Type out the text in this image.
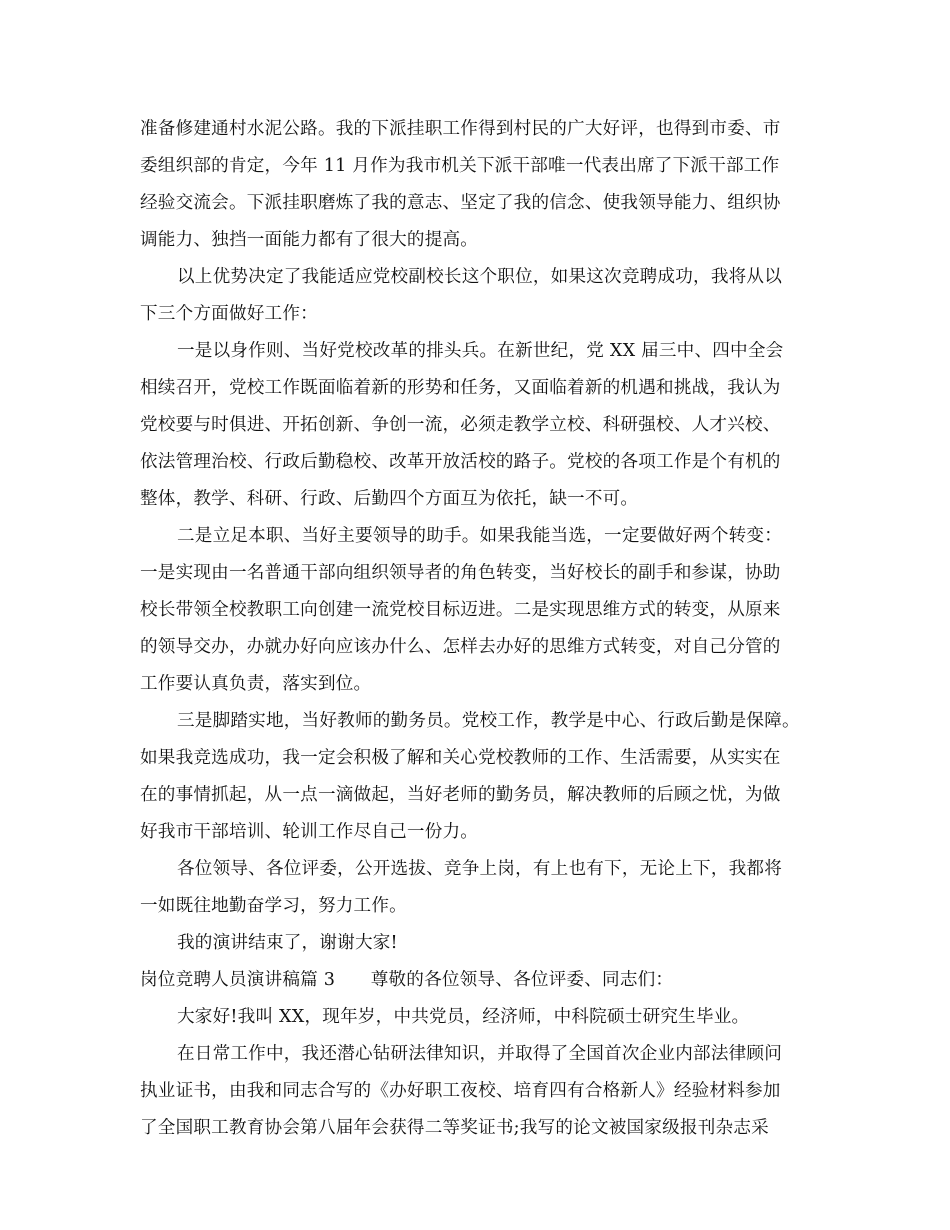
准备修建通村水泥公路。我的下派挂职工作得到村民的广大好评，也得到市委、市
委组织部的肯定，今年 11 月作为我市机关下派干部唯一代表出席了下派干部工作
经验交流会。下派挂职磨炼了我的意志、坚定了我的信念、使我领导能力、组织协
调能力、独挡一面能力都有了很大的提高。
以上优势决定了我能适应党校副校长这个职位，如果这次竞聘成功，我将从以
下三个方面做好工作：
一是以身作则、当好党校改革的排头兵。在新世纪，党 XX 届三中、四中全会
相续召开，党校工作既面临着新的形势和任务，又面临着新的机遇和挑战，我认为
党校要与时俱进、开拓创新、争创一流，必须走教学立校、科研强校、人才兴校、
依法管理治校、行政后勤稳校、改革开放活校的路子。党校的各项工作是个有机的
整体，教学、科研、行政、后勤四个方面互为依托，缺一不可。
二是立足本职、当好主要领导的助手。如果我能当选，一定要做好两个转变：
一是实现由一名普通干部向组织领导者的角色转变，当好校长的副手和参谋，协助
校长带领全校教职工向创建一流党校目标迈进。二是实现思维方式的转变，从原来
的领导交办，办就办好向应该办什么、怎样去办好的思维方式转变，对自己分管的
工作要认真负责，落实到位。
三是脚踏实地，当好教师的勤务员。党校工作，教学是中心、行政后勤是保障。
如果我竞选成功，我一定会积极了解和关心党校教师的工作、生活需要，从实实在
在的事情抓起，从一点一滴做起，当好老师的勤务员，解决教师的后顾之忧，为做
好我市干部培训、轮训工作尽自己一份力。
各位领导、各位评委，公开选拔、竞争上岗，有上也有下，无论上下，我都将
一如既往地勤奋学习，努力工作。
我的演讲结束了，谢谢大家!
岗位竞聘人员演讲稿篇 3　　尊敬的各位领导、各位评委、同志们：
大家好!我叫 XX，现年岁，中共党员，经济师，中科院硕士研究生毕业。
在日常工作中，我还潜心钻研法律知识，并取得了全国首次企业内部法律顾问
执业证书，由我和同志合写的《办好职工夜校、培育四有合格新人》经验材料参加
了全国职工教育协会第八届年会获得二等奖证书;我写的论文被国家级报刊杂志采
